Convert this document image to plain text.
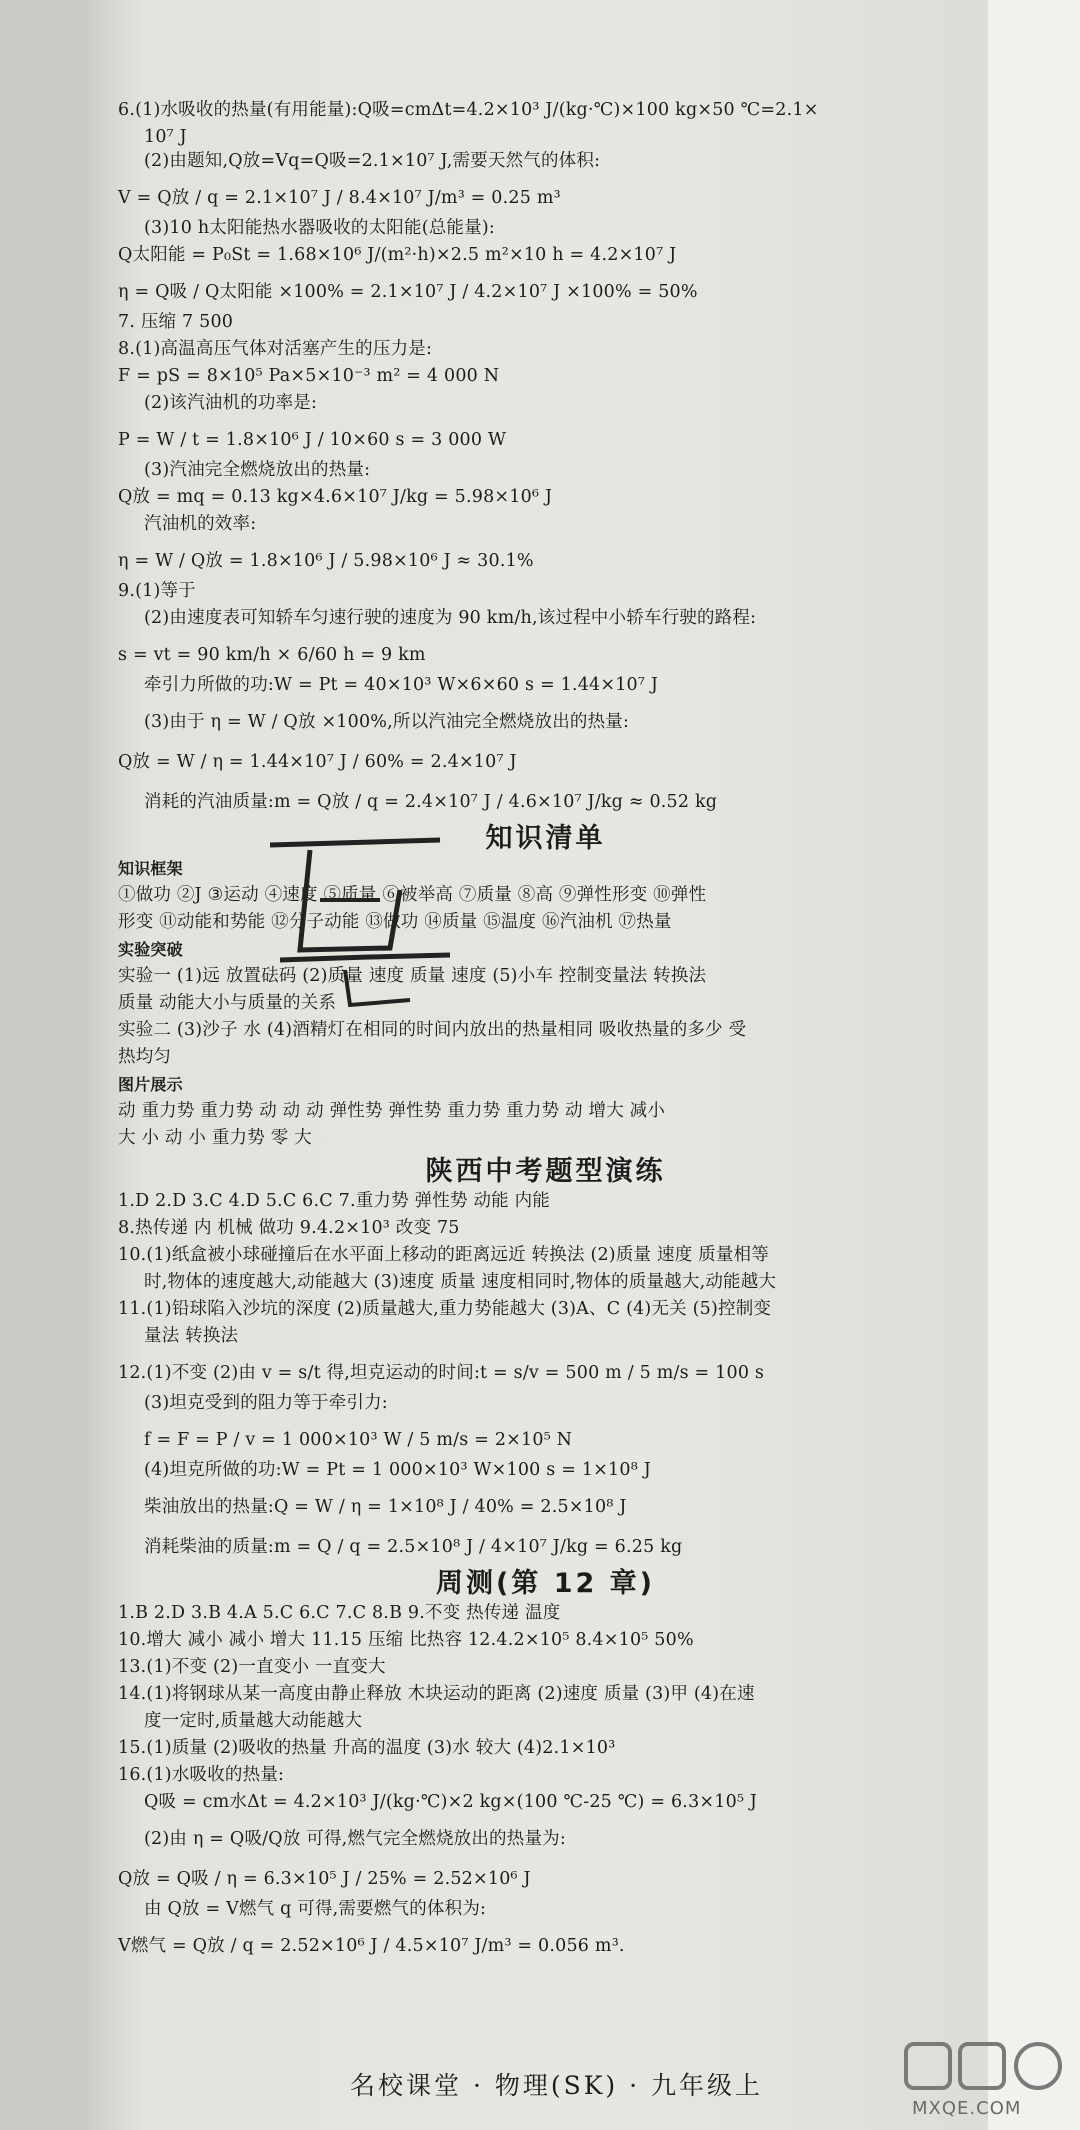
6.(1)水吸收的热量(有用能量):Q吸=cmΔt=4.2×10³ J/(kg·℃)×100 kg×50 ℃=2.1×
10⁷ J
(2)由题知,Q放=Vq=Q吸=2.1×10⁷ J,需要天然气的体积:
V = Q放 / q = 2.1×10⁷ J / 8.4×10⁷ J/m³ = 0.25 m³
(3)10 h太阳能热水器吸收的太阳能(总能量):
Q太阳能 = P₀St = 1.68×10⁶ J/(m²·h)×2.5 m²×10 h = 4.2×10⁷ J
η = Q吸 / Q太阳能 ×100% = 2.1×10⁷ J / 4.2×10⁷ J ×100% = 50%
7. 压缩 7 500
8.(1)高温高压气体对活塞产生的压力是:
F = pS = 8×10⁵ Pa×5×10⁻³ m² = 4 000 N
(2)该汽油机的功率是:
P = W / t = 1.8×10⁶ J / 10×60 s = 3 000 W
(3)汽油完全燃烧放出的热量:
Q放 = mq = 0.13 kg×4.6×10⁷ J/kg = 5.98×10⁶ J
汽油机的效率:
η = W / Q放 = 1.8×10⁶ J / 5.98×10⁶ J ≈ 30.1%
9.(1)等于
(2)由速度表可知轿车匀速行驶的速度为 90 km/h,该过程中小轿车行驶的路程:
s = vt = 90 km/h × 6/60 h = 9 km
牵引力所做的功:W = Pt = 40×10³ W×6×60 s = 1.44×10⁷ J
(3)由于 η = W / Q放 ×100%,所以汽油完全燃烧放出的热量:
Q放 = W / η = 1.44×10⁷ J / 60% = 2.4×10⁷ J
消耗的汽油质量:m = Q放 / q = 2.4×10⁷ J / 4.6×10⁷ J/kg ≈ 0.52 kg
知识清单
知识框架
①做功 ②J ③运动 ④速度 ⑤质量 ⑥被举高 ⑦质量 ⑧高 ⑨弹性形变 ⑩弹性
形变 ⑪动能和势能 ⑫分子动能 ⑬做功 ⑭质量 ⑮温度 ⑯汽油机 ⑰热量
实验突破
实验一 (1)远 放置砝码 (2)质量 速度 质量 速度 (5)小车 控制变量法 转换法
质量 动能大小与质量的关系
实验二 (3)沙子 水 (4)酒精灯在相同的时间内放出的热量相同 吸收热量的多少 受
热均匀
图片展示
动 重力势 重力势 动 动 动 弹性势 弹性势 重力势 重力势 动 增大 减小
大 小 动 小 重力势 零 大
陕西中考题型演练
1.D 2.D 3.C 4.D 5.C 6.C 7.重力势 弹性势 动能 内能
8.热传递 内 机械 做功 9.4.2×10³ 改变 75
10.(1)纸盒被小球碰撞后在水平面上移动的距离远近 转换法 (2)质量 速度 质量相等
时,物体的速度越大,动能越大 (3)速度 质量 速度相同时,物体的质量越大,动能越大
11.(1)铅球陷入沙坑的深度 (2)质量越大,重力势能越大 (3)A、C (4)无关 (5)控制变
量法 转换法
12.(1)不变 (2)由 v = s/t 得,坦克运动的时间:t = s/v = 500 m / 5 m/s = 100 s
(3)坦克受到的阻力等于牵引力:
f = F = P / v = 1 000×10³ W / 5 m/s = 2×10⁵ N
(4)坦克所做的功:W = Pt = 1 000×10³ W×100 s = 1×10⁸ J
柴油放出的热量:Q = W / η = 1×10⁸ J / 40% = 2.5×10⁸ J
消耗柴油的质量:m = Q / q = 2.5×10⁸ J / 4×10⁷ J/kg = 6.25 kg
周测(第 12 章)
1.B 2.D 3.B 4.A 5.C 6.C 7.C 8.B 9.不变 热传递 温度
10.增大 减小 减小 增大 11.15 压缩 比热容 12.4.2×10⁵ 8.4×10⁵ 50%
13.(1)不变 (2)一直变小 一直变大
14.(1)将钢球从某一高度由静止释放 木块运动的距离 (2)速度 质量 (3)甲 (4)在速
度一定时,质量越大动能越大
15.(1)质量 (2)吸收的热量 升高的温度 (3)水 较大 (4)2.1×10³
16.(1)水吸收的热量:
Q吸 = cm水Δt = 4.2×10³ J/(kg·℃)×2 kg×(100 ℃-25 ℃) = 6.3×10⁵ J
(2)由 η = Q吸/Q放 可得,燃气完全燃烧放出的热量为:
Q放 = Q吸 / η = 6.3×10⁵ J / 25% = 2.52×10⁶ J
由 Q放 = V燃气 q 可得,需要燃气的体积为:
V燃气 = Q放 / q = 2.52×10⁶ J / 4.5×10⁷ J/m³ = 0.056 m³.
名校课堂 · 物理(SK) · 九年级上
MXQE.COM
